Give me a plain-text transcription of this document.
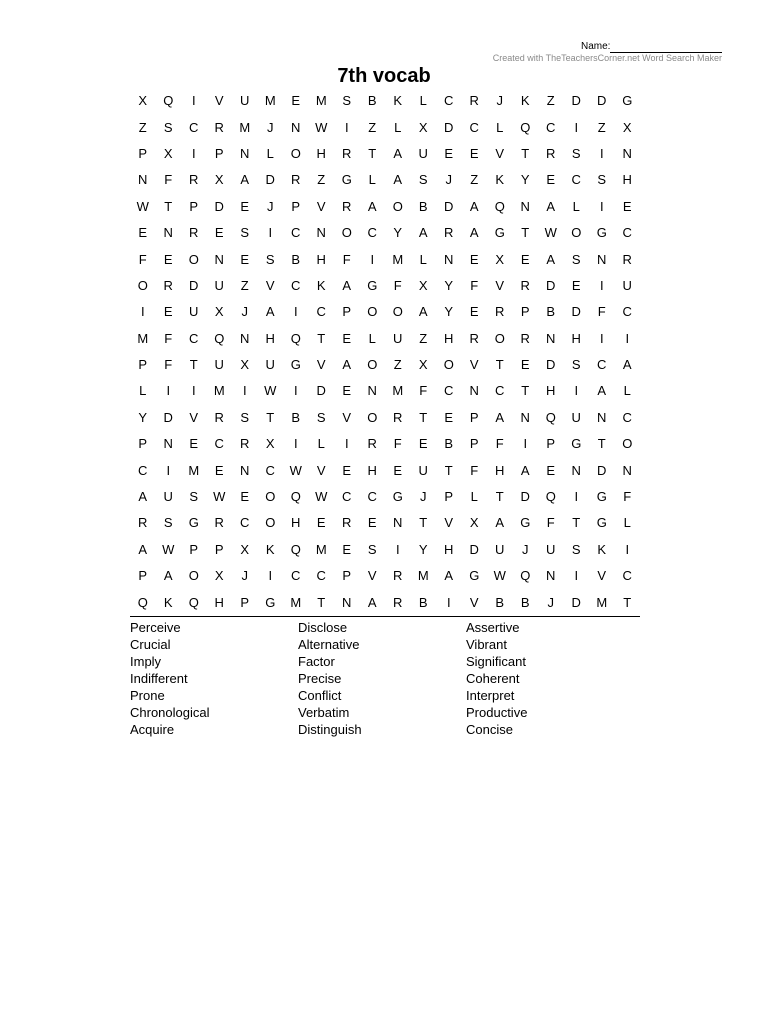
Name:
Created with TheTeachersCorner.net Word Search Maker
7th vocab
X	Q	I	V	U	M	E	M	S	B	K	L	C	R	J	K	Z	D	D	G
Z	S	C	R	M	J	N	W	I	Z	L	X	D	C	L	Q	C	I	Z	X
P	X	I	P	N	L	O	H	R	T	A	U	E	E	V	T	R	S	I	N
N	F	R	X	A	D	R	Z	G	L	A	S	J	Z	K	Y	E	C	S	H
W	T	P	D	E	J	P	V	R	A	O	B	D	A	Q	N	A	L	I	E
E	N	R	E	S	I	C	N	O	C	Y	A	R	A	G	T	W	O	G	C
F	E	O	N	E	S	B	H	F	I	M	L	N	E	X	E	A	S	N	R
O	R	D	U	Z	V	C	K	A	G	F	X	Y	F	V	R	D	E	I	U
I	E	U	X	J	A	I	C	P	O	O	A	Y	E	R	P	B	D	F	C
M	F	C	Q	N	H	Q	T	E	L	U	Z	H	R	O	R	N	H	I	I
P	F	T	U	X	U	G	V	A	O	Z	X	O	V	T	E	D	S	C	A
L	I	I	M	I	W	I	D	E	N	M	F	C	N	C	T	H	I	A	L
Y	D	V	R	S	T	B	S	V	O	R	T	E	P	A	N	Q	U	N	C
P	N	E	C	R	X	I	L	I	R	F	E	B	P	F	I	P	G	T	O
C	I	M	E	N	C	W	V	E	H	E	U	T	F	H	A	E	N	D	N
A	U	S	W	E	O	Q	W	C	C	G	J	P	L	T	D	Q	I	G	F
R	S	G	R	C	O	H	E	R	E	N	T	V	X	A	G	F	T	G	L
A	W	P	P	X	K	Q	M	E	S	I	Y	H	D	U	J	U	S	K	I
P	A	O	X	J	I	C	C	P	V	R	M	A	G	W	Q	N	I	V	C
Q	K	Q	H	P	G	M	T	N	A	R	B	I	V	B	B	J	D	M	T
Perceive	Disclose	Assertive
Crucial	Alternative	Vibrant
Imply	Factor	Significant
Indifferent	Precise	Coherent
Prone	Conflict	Interpret
Chronological	Verbatim	Productive
Acquire	Distinguish	Concise
